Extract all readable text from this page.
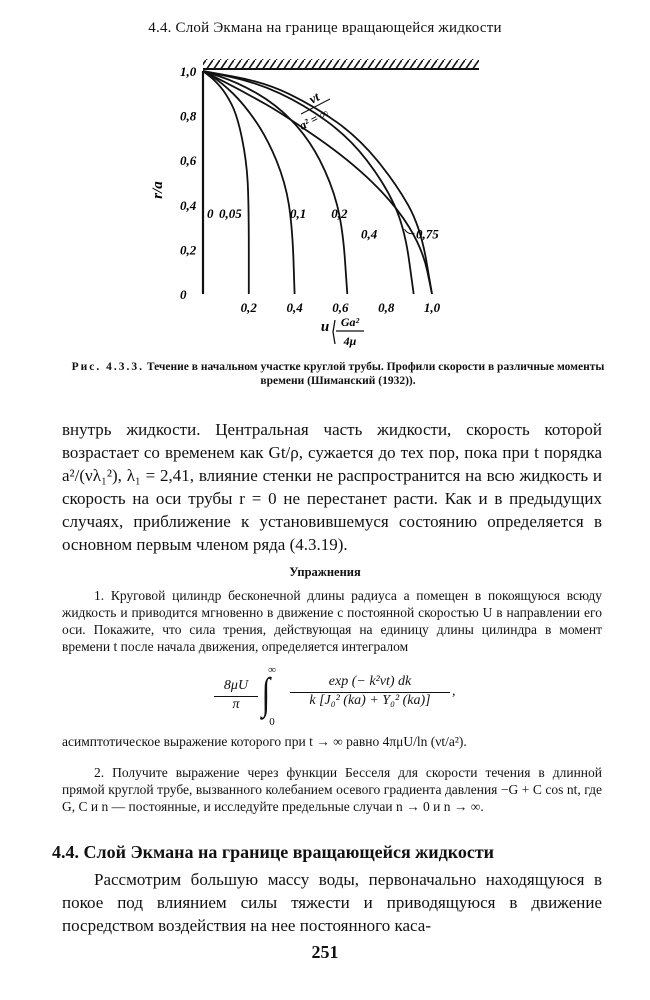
4.4. Слой Экмана на границе вращающейся жидкости
1,0
0,8
0,6
0,4
0,2
0
0,2 0,4 0,6 0,8 1,0
0 0,05	0,1 0,2
0,4	0,75
r/a
u Ga²
4μ
νt
a² = ∞
Рис. 4.3.3. Течение в начальном участке круглой трубы. Профили скорости в различные моменты времени (Шиманский (1932)).
внутрь жидкости. Центральная часть жидкости, скорость которой возрастает со временем как Gt/ρ, сужается до тех пор, пока при t порядка a²/(νλ₁²), λ₁ = 2,41, влияние стенки не распространится на всю жидкость и скорость на оси трубы r = 0 не перестанет расти. Как и в предыдущих случаях, приближение к установившемуся состоянию определяется в основном первым членом ряда (4.3.19).
Упражнения
1. Круговой цилиндр бесконечной длины радиуса a помещен в покоящуюся всюду жидкость и приводится мгновенно в движение с постоянной скоростью U в направлении его оси. Покажите, что сила трения, действующая на единицу длины цилиндра в момент времени t после начала движения, определяется интегралом
8μU
π
∞
∫
0
exp (− k²νt) dk
k [J₀² (ka) + Y₀² (ka)]
,
асимптотическое выражение которого при t → ∞ равно 4πμU/ln (νt/a²).
2. Получите выражение через функции Бесселя для скорости течения в длинной прямой круглой трубе, вызванного колебанием осевого градиента давления −G + C cos nt, где G, C и n — постоянные, и исследуйте предельные случаи n → 0 и n → ∞.
4.4. Слой Экмана на границе вращающейся жидкости
Рассмотрим большую массу воды, первоначально находящуюся в покое под влиянием силы тяжести и приводящуюся в движение посредством воздействия на нее постоянного каса-
251
